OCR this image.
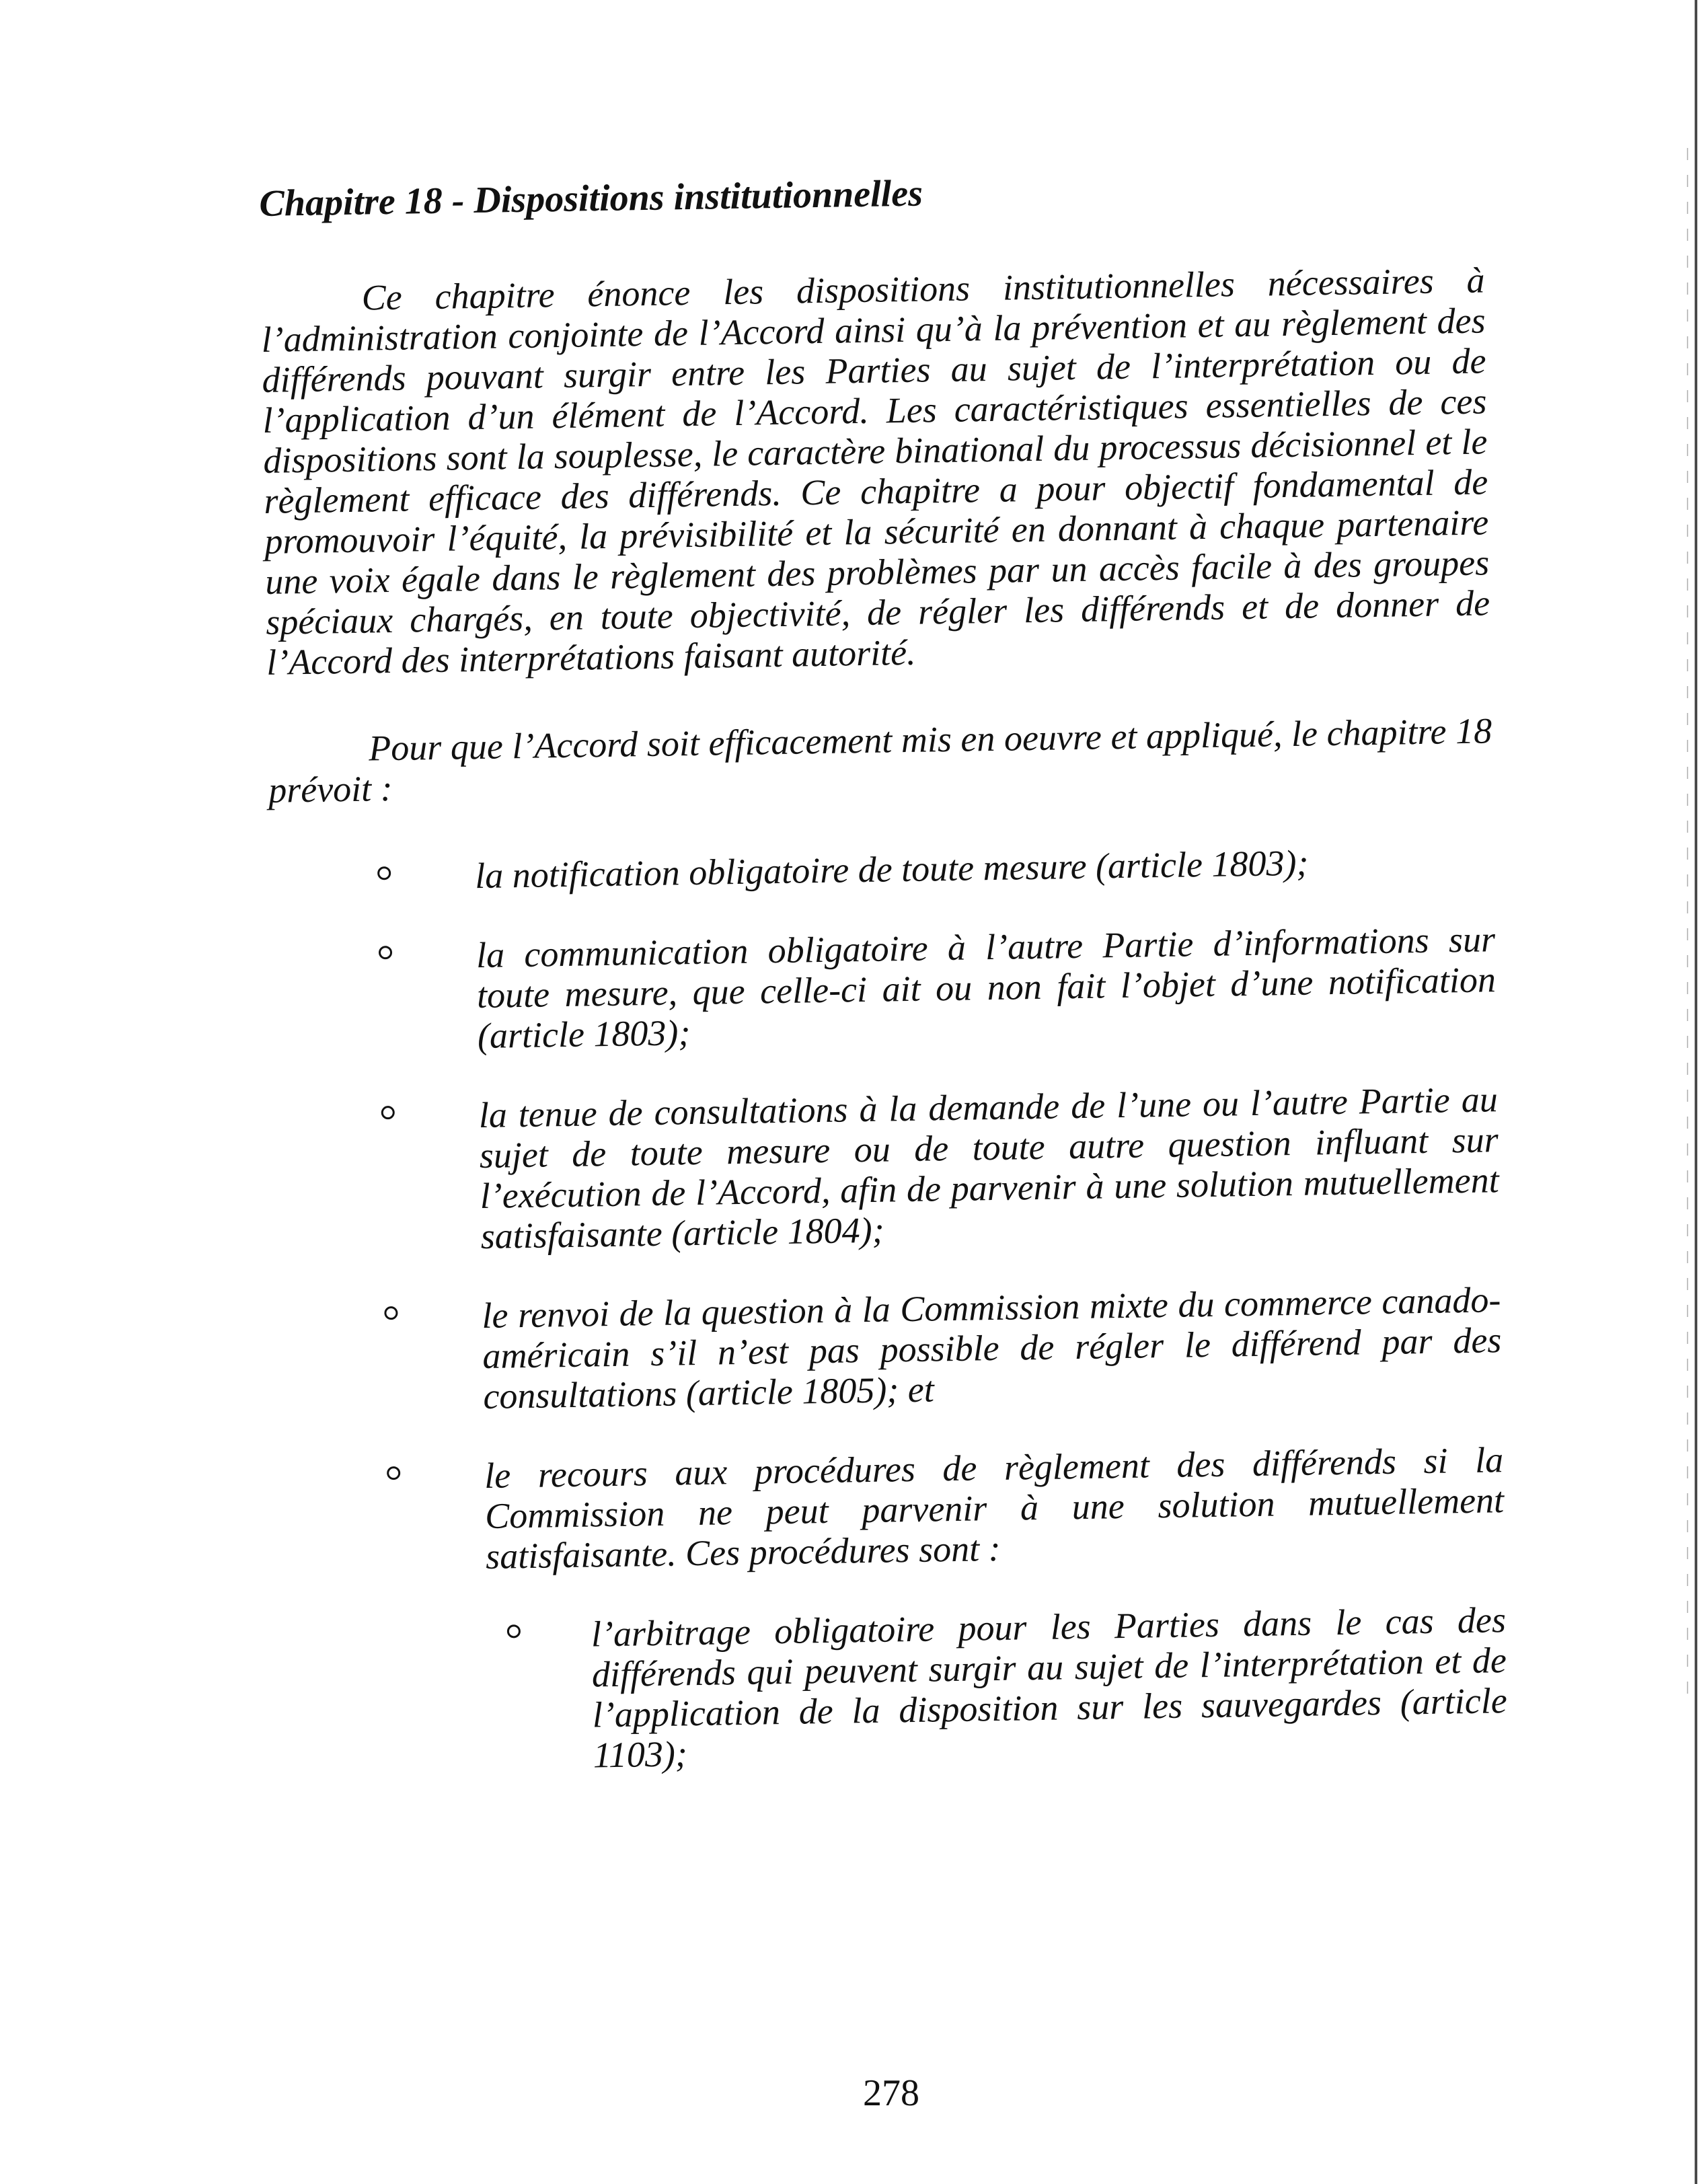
Chapitre 18 - Dispositions institutionnelles

Ce chapitre énonce les dispositions institutionnelles nécessaires à l’administration conjointe de l’Accord ainsi qu’à la prévention et au règlement des différends pouvant surgir entre les Parties au sujet de l’interprétation ou de l’application d’un élément de l’Accord. Les caractéristiques essentielles de ces dispositions sont la souplesse, le caractère binational du processus décisionnel et le règlement efficace des différends. Ce chapitre a pour objectif fondamental de promouvoir l’équité, la prévisibilité et la sécurité en donnant à chaque partenaire une voix égale dans le règlement des problèmes par un accès facile à des groupes spéciaux chargés, en toute objectivité, de régler les différends et de donner de l’Accord des interprétations faisant autorité.

Pour que l’Accord soit efficacement mis en oeuvre et appliqué, le chapitre 18 prévoit :

la notification obligatoire de toute mesure (article 1803);
la communication obligatoire à l’autre Partie d’informations sur toute mesure, que celle-ci ait ou non fait l’objet d’une notification (article 1803);
la tenue de consultations à la demande de l’une ou l’autre Partie au sujet de toute mesure ou de toute autre question influant sur l’exécution de l’Accord, afin de parvenir à une solution mutuellement satisfaisante (article 1804);
le renvoi de la question à la Commission mixte du commerce canado-américain s’il n’est pas possible de régler le différend par des consultations (article 1805); et
le recours aux procédures de règlement des différends si la Commission ne peut parvenir à une solution mutuellement satisfaisante. Ces procédures sont :
l’arbitrage obligatoire pour les Parties dans le cas des différends qui peuvent surgir au sujet de l’interprétation et de l’application de la disposition sur les sauvegardes (article 1103);
278
